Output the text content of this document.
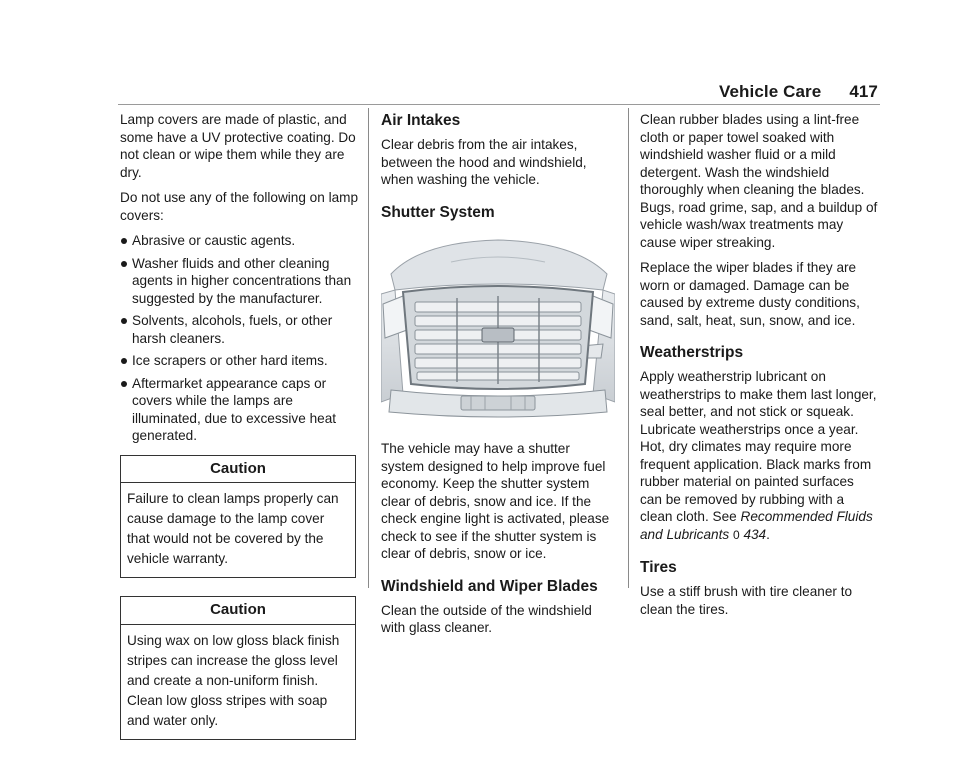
Vehicle Care 417

Lamp covers are made of plastic, and some have a UV protective coating. Do not clean or wipe them while they are dry.

Do not use any of the following on lamp covers:

Abrasive or caustic agents.
Washer fluids and other cleaning agents in higher concentrations than suggested by the manufacturer.
Solvents, alcohols, fuels, or other harsh cleaners.
Ice scrapers or other hard items.
Aftermarket appearance caps or covers while the lamps are illuminated, due to excessive heat generated.
Caution
Failure to clean lamps properly can cause damage to the lamp cover that would not be covered by the vehicle warranty.
Caution
Using wax on low gloss black finish stripes can increase the gloss level and create a non-uniform finish. Clean low gloss stripes with soap and water only.
Air Intakes

Clear debris from the air intakes, between the hood and windshield, when washing the vehicle.

Shutter System

The vehicle may have a shutter system designed to help improve fuel economy. Keep the shutter system clear of debris, snow and ice. If the check engine light is activated, please check to see if the shutter system is clear of debris, snow or ice.

Windshield and Wiper Blades

Clean the outside of the windshield with glass cleaner.

Clean rubber blades using a lint-free cloth or paper towel soaked with windshield washer fluid or a mild detergent. Wash the windshield thoroughly when cleaning the blades. Bugs, road grime, sap, and a buildup of vehicle wash/wax treatments may cause wiper streaking.

Replace the wiper blades if they are worn or damaged. Damage can be caused by extreme dusty conditions, sand, salt, heat, sun, snow, and ice.

Weatherstrips

Apply weatherstrip lubricant on weatherstrips to make them last longer, seal better, and not stick or squeak. Lubricate weatherstrips once a year. Hot, dry climates may require more frequent application. Black marks from rubber material on painted surfaces can be removed by rubbing with a clean cloth. See Recommended Fluids and Lubricants 0 434.

Tires

Use a stiff brush with tire cleaner to clean the tires.
